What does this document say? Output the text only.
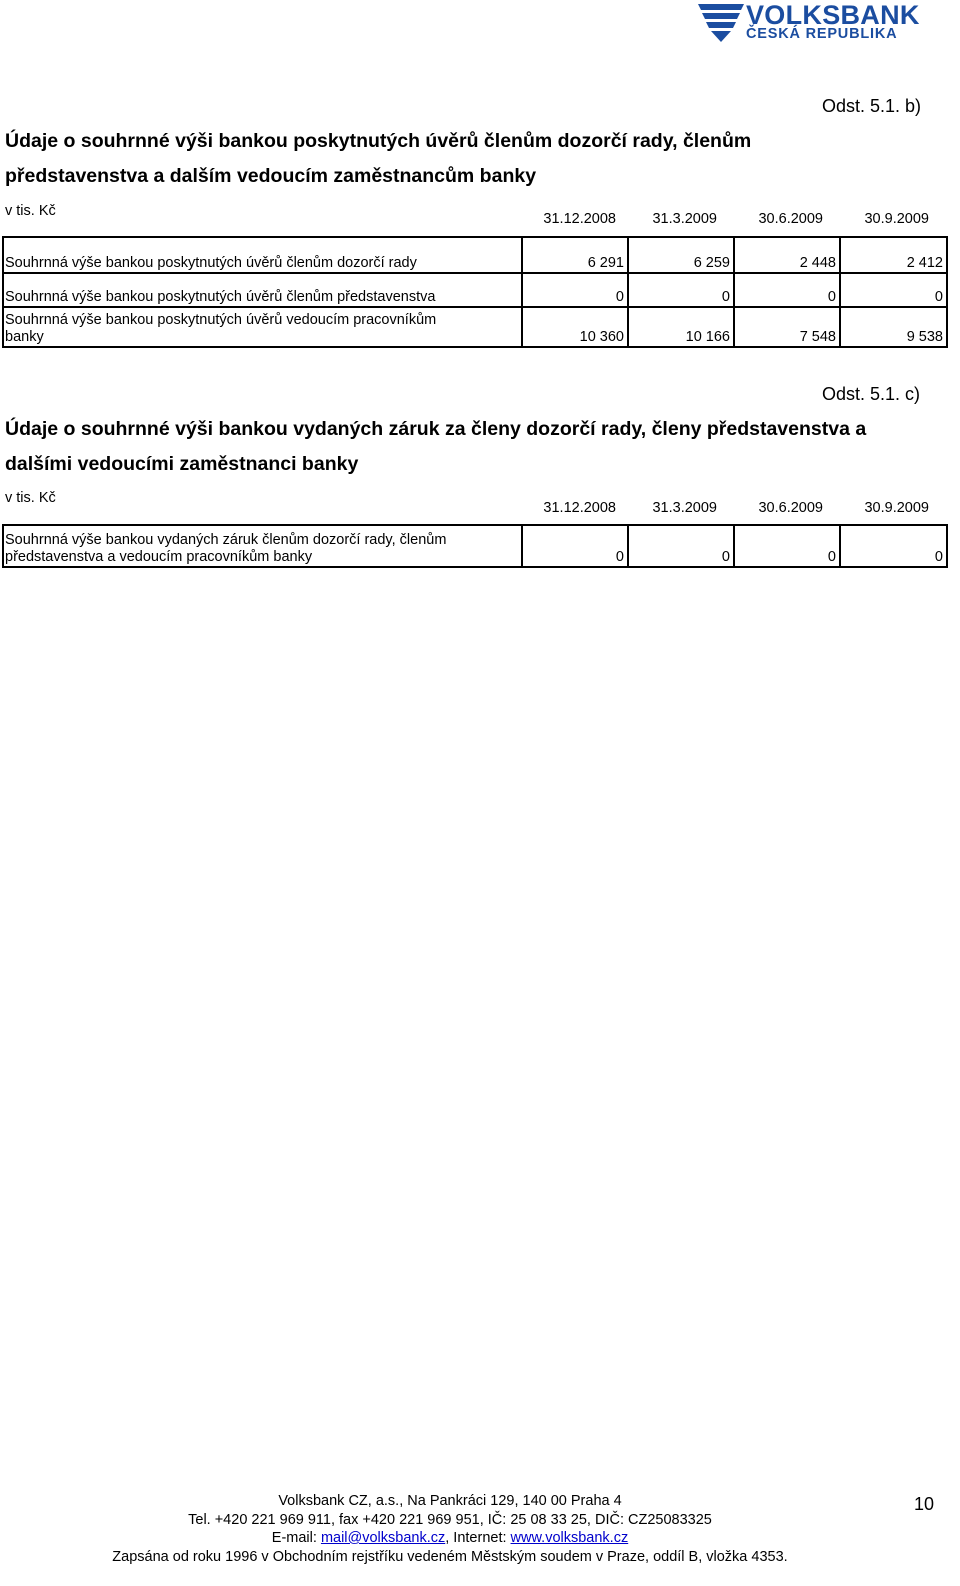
VOLKSBANK
ČESKÁ REPUBLIKA
Odst. 5.1. b)
Údaje o souhrnné výši bankou poskytnutých úvěrů členům dozorčí rady, členům
představenstva a dalším vedoucím zaměstnancům banky
v tis. Kč	31.12.2008	31.3.2009	30.6.2009	30.9.2009
Souhrnná výše bankou poskytnutých úvěrů členům dozorčí rady	6 291	6 259	2 448	2 412
Souhrnná výše bankou poskytnutých úvěrů členům představenstva	0	0	0	0

Souhrnná výše bankou poskytnutých úvěrů vedoucím pracovníkům
banky	10 360	10 166	7 548	9 538
Odst. 5.1. c)
Údaje o souhrnné výši bankou vydaných záruk za členy dozorčí rady, členy představenstva a
dalšími vedoucími zaměstnanci banky
v tis. Kč
31.12.2008	31.3.2009	30.6.2009	30.9.2009
Souhrnná výše bankou vydaných záruk členům dozorčí rady, členům
představenstva a vedoucím pracovníkům banky	0	0	0	0
Volksbank CZ, a.s., Na Pankráci 129, 140 00 Praha 4
Tel. +420 221 969 911, fax +420 221 969 951, IČ: 25 08 33 25, DIČ: CZ25083325
E-mail: mail@volksbank.cz, Internet: www.volksbank.cz
Zapsána od roku 1996 v Obchodním rejstříku vedeném Městským soudem v Praze, oddíl B, vložka 4353.
10
